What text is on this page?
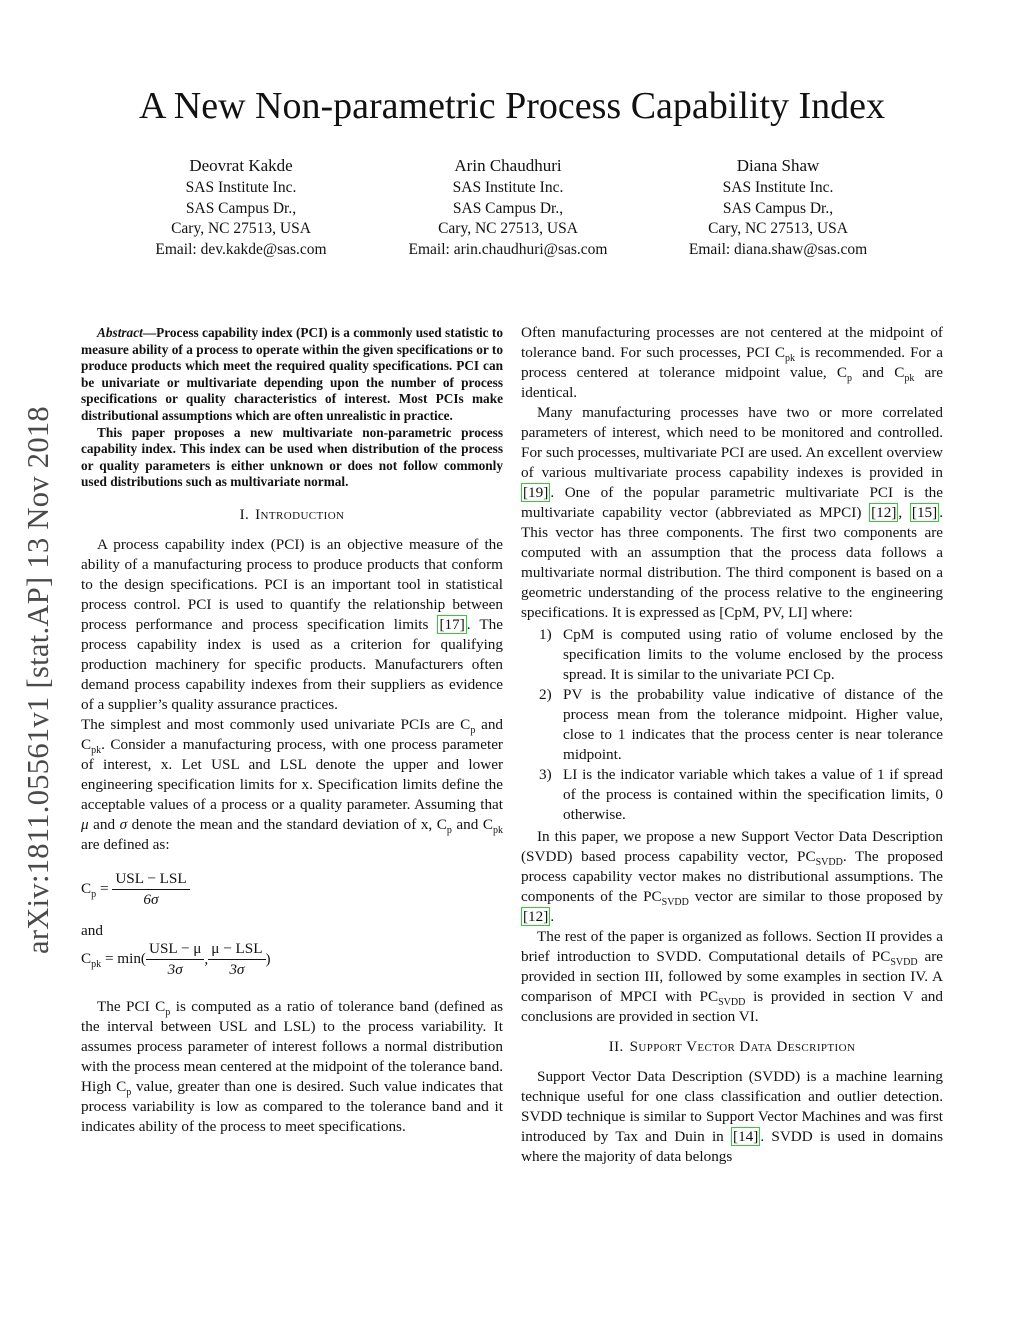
A New Non-parametric Process Capability Index
Deovrat Kakde
SAS Institute Inc.
SAS Campus Dr.,
Cary, NC 27513, USA
Email: dev.kakde@sas.com
Arin Chaudhuri
SAS Institute Inc.
SAS Campus Dr.,
Cary, NC 27513, USA
Email: arin.chaudhuri@sas.com
Diana Shaw
SAS Institute Inc.
SAS Campus Dr.,
Cary, NC 27513, USA
Email: diana.shaw@sas.com
arXiv:1811.05561v1 [stat.AP] 13 Nov 2018

Abstract—Process capability index (PCI) is a commonly used statistic to measure ability of a process to operate within the given specifications or to produce products which meet the required quality specifications. PCI can be univariate or multivariate depending upon the number of process specifications or quality characteristics of interest. Most PCIs make distributional assumptions which are often unrealistic in practice.

This paper proposes a new multivariate non-parametric process capability index. This index can be used when distribution of the process or quality parameters is either unknown or does not follow commonly used distributions such as multivariate normal.

I. Introduction

A process capability index (PCI) is an objective measure of the ability of a manufacturing process to produce products that conform to the design specifications. PCI is an important tool in statistical process control. PCI is used to quantify the relationship between process performance and process specification limits [17] . The process capability index is used as a criterion for qualifying production machinery for specific products. Manufacturers often demand process capability indexes from their suppliers as evidence of a supplier’s quality assurance practices.

The simplest and most commonly used univariate PCIs are $C_p$ and $C_{pk}$. Consider a manufacturing process, with one process parameter of interest, x. Let USL and LSL denote the upper and lower engineering specification limits for x. Specification limits define the acceptable values of a process or a quality parameter. Assuming that μ and σ denote the mean and the standard deviation of x, $C_p$ and $C_{pk}$ are defined as:

$C_p = \frac{\text{USL − LSL}}{6\sigma}$
and
$C_{pk} = \min( \frac{\text{USL − μ}}{3\sigma}$ , $\frac{\text{μ − LSL}}{3\sigma}$ )

The PCI $C_p$ is computed as a ratio of tolerance band (defined as the interval between USL and LSL) to the process variability. It assumes process parameter of interest follows a normal distribution with the process mean centered at the midpoint of the tolerance band. High $C_p$ value, greater than one is desired. Such value indicates that process variability is low as compared to the tolerance band and it indicates ability of the process to meet specifications.

Often manufacturing processes are not centered at the midpoint of tolerance band. For such processes, PCI $C_{pk}$ is recommended. For a process centered at tolerance midpoint value, $C_p$ and $C_{pk}$ are identical.

Many manufacturing processes have two or more correlated parameters of interest, which need to be monitored and controlled. For such processes, multivariate PCI are used. An excellent overview of various multivariate process capability indexes is provided in [19] . One of the popular parametric multivariate PCI is the multivariate capability vector (abbreviated as MPCI) [12] , [15] . This vector has three components. The first two components are computed with an assumption that the process data follows a multivariate normal distribution. The third component is based on a geometric understanding of the process relative to the engineering specifications. It is expressed as [CpM, PV, LI] where:

1) CpM is computed using ratio of volume enclosed by the specification limits to the volume enclosed by the process spread. It is similar to the univariate PCI Cp.
2) PV is the probability value indicative of distance of the process mean from the tolerance midpoint. Higher value, close to 1 indicates that the process center is near tolerance midpoint.
3) LI is the indicator variable which takes a value of 1 if spread of the process is contained within the specification limits, 0 otherwise.

In this paper, we propose a new Support Vector Data Description (SVDD) based process capability vector, $PC_{SVDD}$. The proposed process capability vector makes no distributional assumptions. The components of the $PC_{SVDD}$ vector are similar to those proposed by [12] .

The rest of the paper is organized as follows. Section II provides a brief introduction to SVDD. Computational details of $PC_{SVDD}$ are provided in section III, followed by some examples in section IV. A comparison of MPCI with $PC_{SVDD}$ is provided in section V and conclusions are provided in section VI.

II. Support Vector Data Description

Support Vector Data Description (SVDD) is a machine learning technique useful for one class classification and outlier detection. SVDD technique is similar to Support Vector Machines and was first introduced by Tax and Duin in [14] . SVDD is used in domains where the majority of data belongs
